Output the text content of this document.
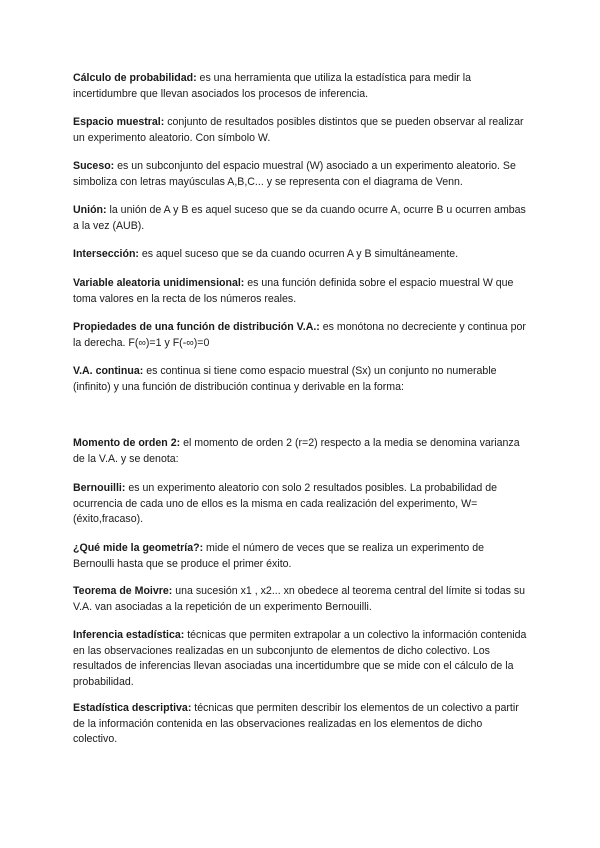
Cálculo de probabilidad: es una herramienta que utiliza la estadística para medir la incertidumbre que llevan asociados los procesos de inferencia.

Espacio muestral: conjunto de resultados posibles distintos que se pueden observar al realizar un experimento aleatorio. Con símbolo W.

Suceso: es un subconjunto del espacio muestral (W) asociado a un experimento aleatorio. Se simboliza con letras mayúsculas A,B,C... y se representa con el diagrama de Venn.

Unión: la unión de A y B es aquel suceso que se da cuando ocurre A, ocurre B u ocurren ambas a la vez (AUB).

Intersección: es aquel suceso que se da cuando ocurren A y B simultáneamente.

Variable aleatoria unidimensional: es una función definida sobre el espacio muestral W que toma valores en la recta de los números reales.

Propiedades de una función de distribución V.A.: es monótona no decreciente y continua por la derecha. F(∞)=1 y F(-∞)=0

V.A. continua: es continua si tiene como espacio muestral (Sx) un conjunto no numerable (infinito) y una función de distribución continua y derivable en la forma:

Momento de orden 2: el momento de orden 2 (r=2) respecto a la media se denomina varianza de la V.A. y se denota:

Bernouilli: es un experimento aleatorio con solo 2 resultados posibles. La probabilidad de ocurrencia de cada uno de ellos es la misma en cada realización del experimento, W=(éxito,fracaso).

¿Qué mide la geometría?: mide el número de veces que se realiza un experimento de Bernoulli hasta que se produce el primer éxito.

Teorema de Moivre: una sucesión x1 , x2... xn obedece al teorema central del límite si todas su V.A. van asociadas a la repetición de un experimento Bernouilli.

Inferencia estadística: técnicas que permiten extrapolar a un colectivo la información contenida en las observaciones realizadas en un subconjunto de elementos de dicho colectivo. Los resultados de inferencias llevan asociadas una incertidumbre que se mide con el cálculo de la probabilidad.

Estadística descriptiva: técnicas que permiten describir los elementos de un colectivo a partir de la información contenida en las observaciones realizadas en los elementos de dicho colectivo.
